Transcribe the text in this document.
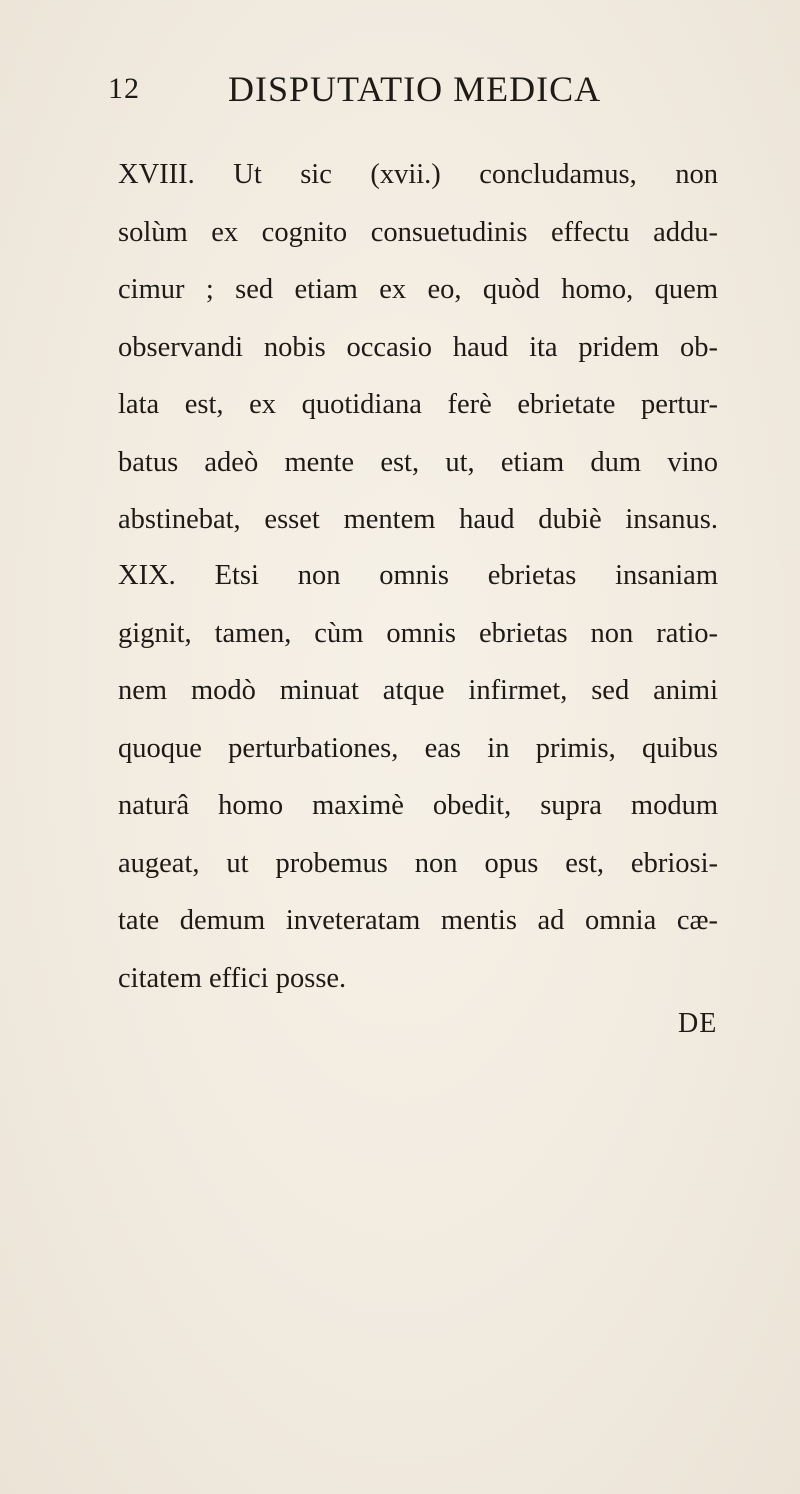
12 DISPUTATIO MEDICA

XVIII. Ut sic (xvii.) concludamus, non
solùm ex cognito consuetudinis effectu addu-
cimur ; sed etiam ex eo, quòd homo, quem
observandi nobis occasio haud ita pridem ob-
lata est, ex quotidiana ferè ebrietate pertur-
batus adeò mente est, ut, etiam dum vino
abstinebat, esset mentem haud dubiè insanus.

XIX. Etsi non omnis ebrietas insaniam
gignit, tamen, cùm omnis ebrietas non ratio-
nem modò minuat atque infirmet, sed animi
quoque perturbationes, eas in primis, quibus
naturâ homo maximè obedit, supra modum
augeat, ut probemus non opus est, ebriosi-
tate demum inveteratam mentis ad omnia cæ-
citatem effici posse.

DE
